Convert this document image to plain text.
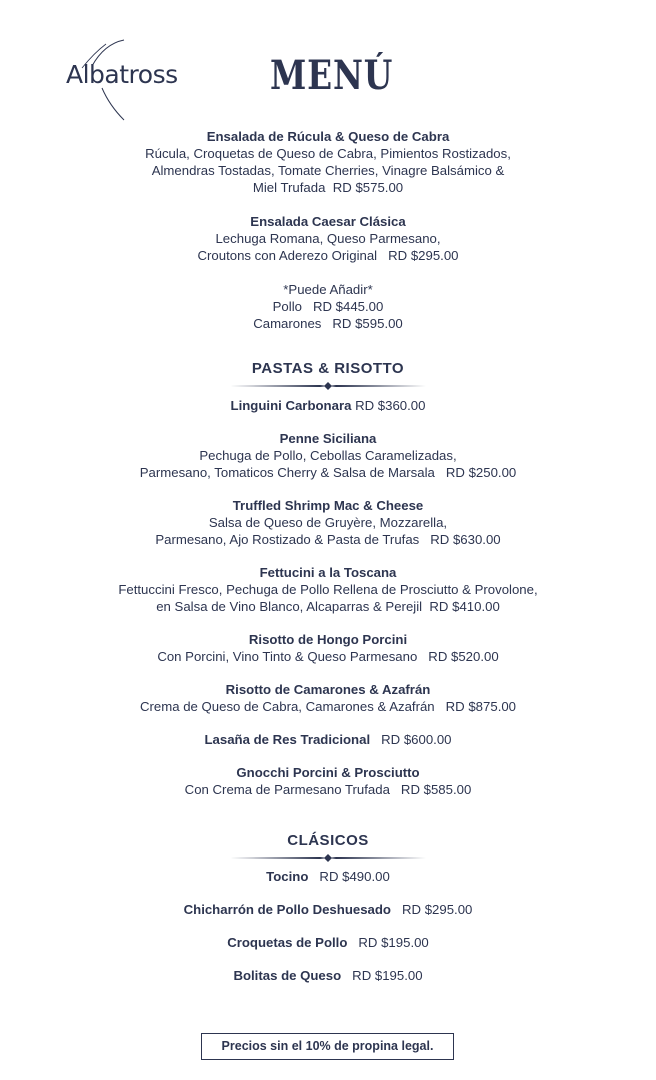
Albatross	MENÚ
Ensalada de Rúcula & Queso de Cabra
Rúcula, Croquetas de Queso de Cabra, Pimientos Rostizados,
Almendras Tostadas, Tomate Cherries, Vinagre Balsámico &
Miel Trufada RD $575.00
Ensalada Caesar Clásica
Lechuga Romana, Queso Parmesano,
Croutons con Aderezo Original RD $295.00
*Puede Añadir*
Pollo RD $445.00
Camarones RD $595.00
PASTAS & RISOTTO
Linguini Carbonara RD $360.00
Penne Siciliana
Pechuga de Pollo, Cebollas Caramelizadas,
Parmesano, Tomaticos Cherry & Salsa de Marsala RD $250.00
Truffled Shrimp Mac & Cheese
Salsa de Queso de Gruyère, Mozzarella,
Parmesano, Ajo Rostizado & Pasta de Trufas RD $630.00
Fettucini a la Toscana
Fettuccini Fresco, Pechuga de Pollo Rellena de Prosciutto & Provolone,
en Salsa de Vino Blanco, Alcaparras & Perejil RD $410.00
Risotto de Hongo Porcini
Con Porcini, Vino Tinto & Queso Parmesano RD $520.00
Risotto de Camarones & Azafrán
Crema de Queso de Cabra, Camarones & Azafrán RD $875.00
Lasaña de Res Tradicional RD $600.00
Gnocchi Porcini & Prosciutto
Con Crema de Parmesano Trufada RD $585.00
CLÁSICOS
Tocino RD $490.00
Chicharrón de Pollo Deshuesado RD $295.00
Croquetas de Pollo RD $195.00
Bolitas de Queso RD $195.00
Precios sin el 10% de propina legal.
